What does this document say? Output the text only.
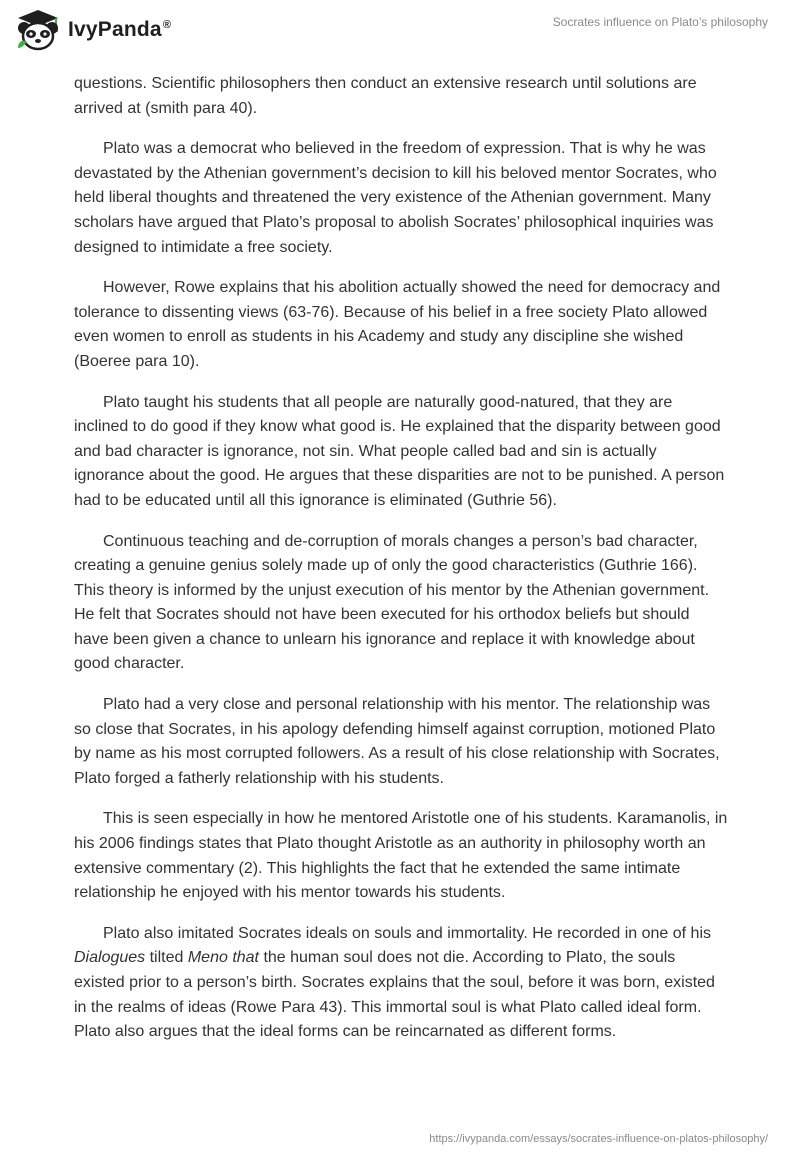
IvyPanda®	Socrates influence on Plato’s philosophy

questions. Scientific philosophers then conduct an extensive research until solutions are arrived at (smith para 40).

Plato was a democrat who believed in the freedom of expression. That is why he was devastated by the Athenian government’s decision to kill his beloved mentor Socrates, who held liberal thoughts and threatened the very existence of the Athenian government. Many scholars have argued that Plato’s proposal to abolish Socrates’ philosophical inquiries was designed to intimidate a free society.

However, Rowe explains that his abolition actually showed the need for democracy and tolerance to dissenting views (63-76). Because of his belief in a free society Plato allowed even women to enroll as students in his Academy and study any discipline she wished (Boeree para 10).

Plato taught his students that all people are naturally good-natured, that they are inclined to do good if they know what good is. He explained that the disparity between good and bad character is ignorance, not sin. What people called bad and sin is actually ignorance about the good. He argues that these disparities are not to be punished. A person had to be educated until all this ignorance is eliminated (Guthrie 56).

Continuous teaching and de-corruption of morals changes a person’s bad character, creating a genuine genius solely made up of only the good characteristics (Guthrie 166). This theory is informed by the unjust execution of his mentor by the Athenian government. He felt that Socrates should not have been executed for his orthodox beliefs but should have been given a chance to unlearn his ignorance and replace it with knowledge about good character.

Plato had a very close and personal relationship with his mentor. The relationship was so close that Socrates, in his apology defending himself against corruption, motioned Plato by name as his most corrupted followers. As a result of his close relationship with Socrates, Plato forged a fatherly relationship with his students.

This is seen especially in how he mentored Aristotle one of his students. Karamanolis, in his 2006 findings states that Plato thought Aristotle as an authority in philosophy worth an extensive commentary (2). This highlights the fact that he extended the same intimate relationship he enjoyed with his mentor towards his students.

Plato also imitated Socrates ideals on souls and immortality. He recorded in one of his Dialogues tilted Meno that the human soul does not die. According to Plato, the souls existed prior to a person’s birth. Socrates explains that the soul, before it was born, existed in the realms of ideas (Rowe Para 43). This immortal soul is what Plato called ideal form. Plato also argues that the ideal forms can be reincarnated as different forms.

https://ivypanda.com/essays/socrates-influence-on-platos-philosophy/
